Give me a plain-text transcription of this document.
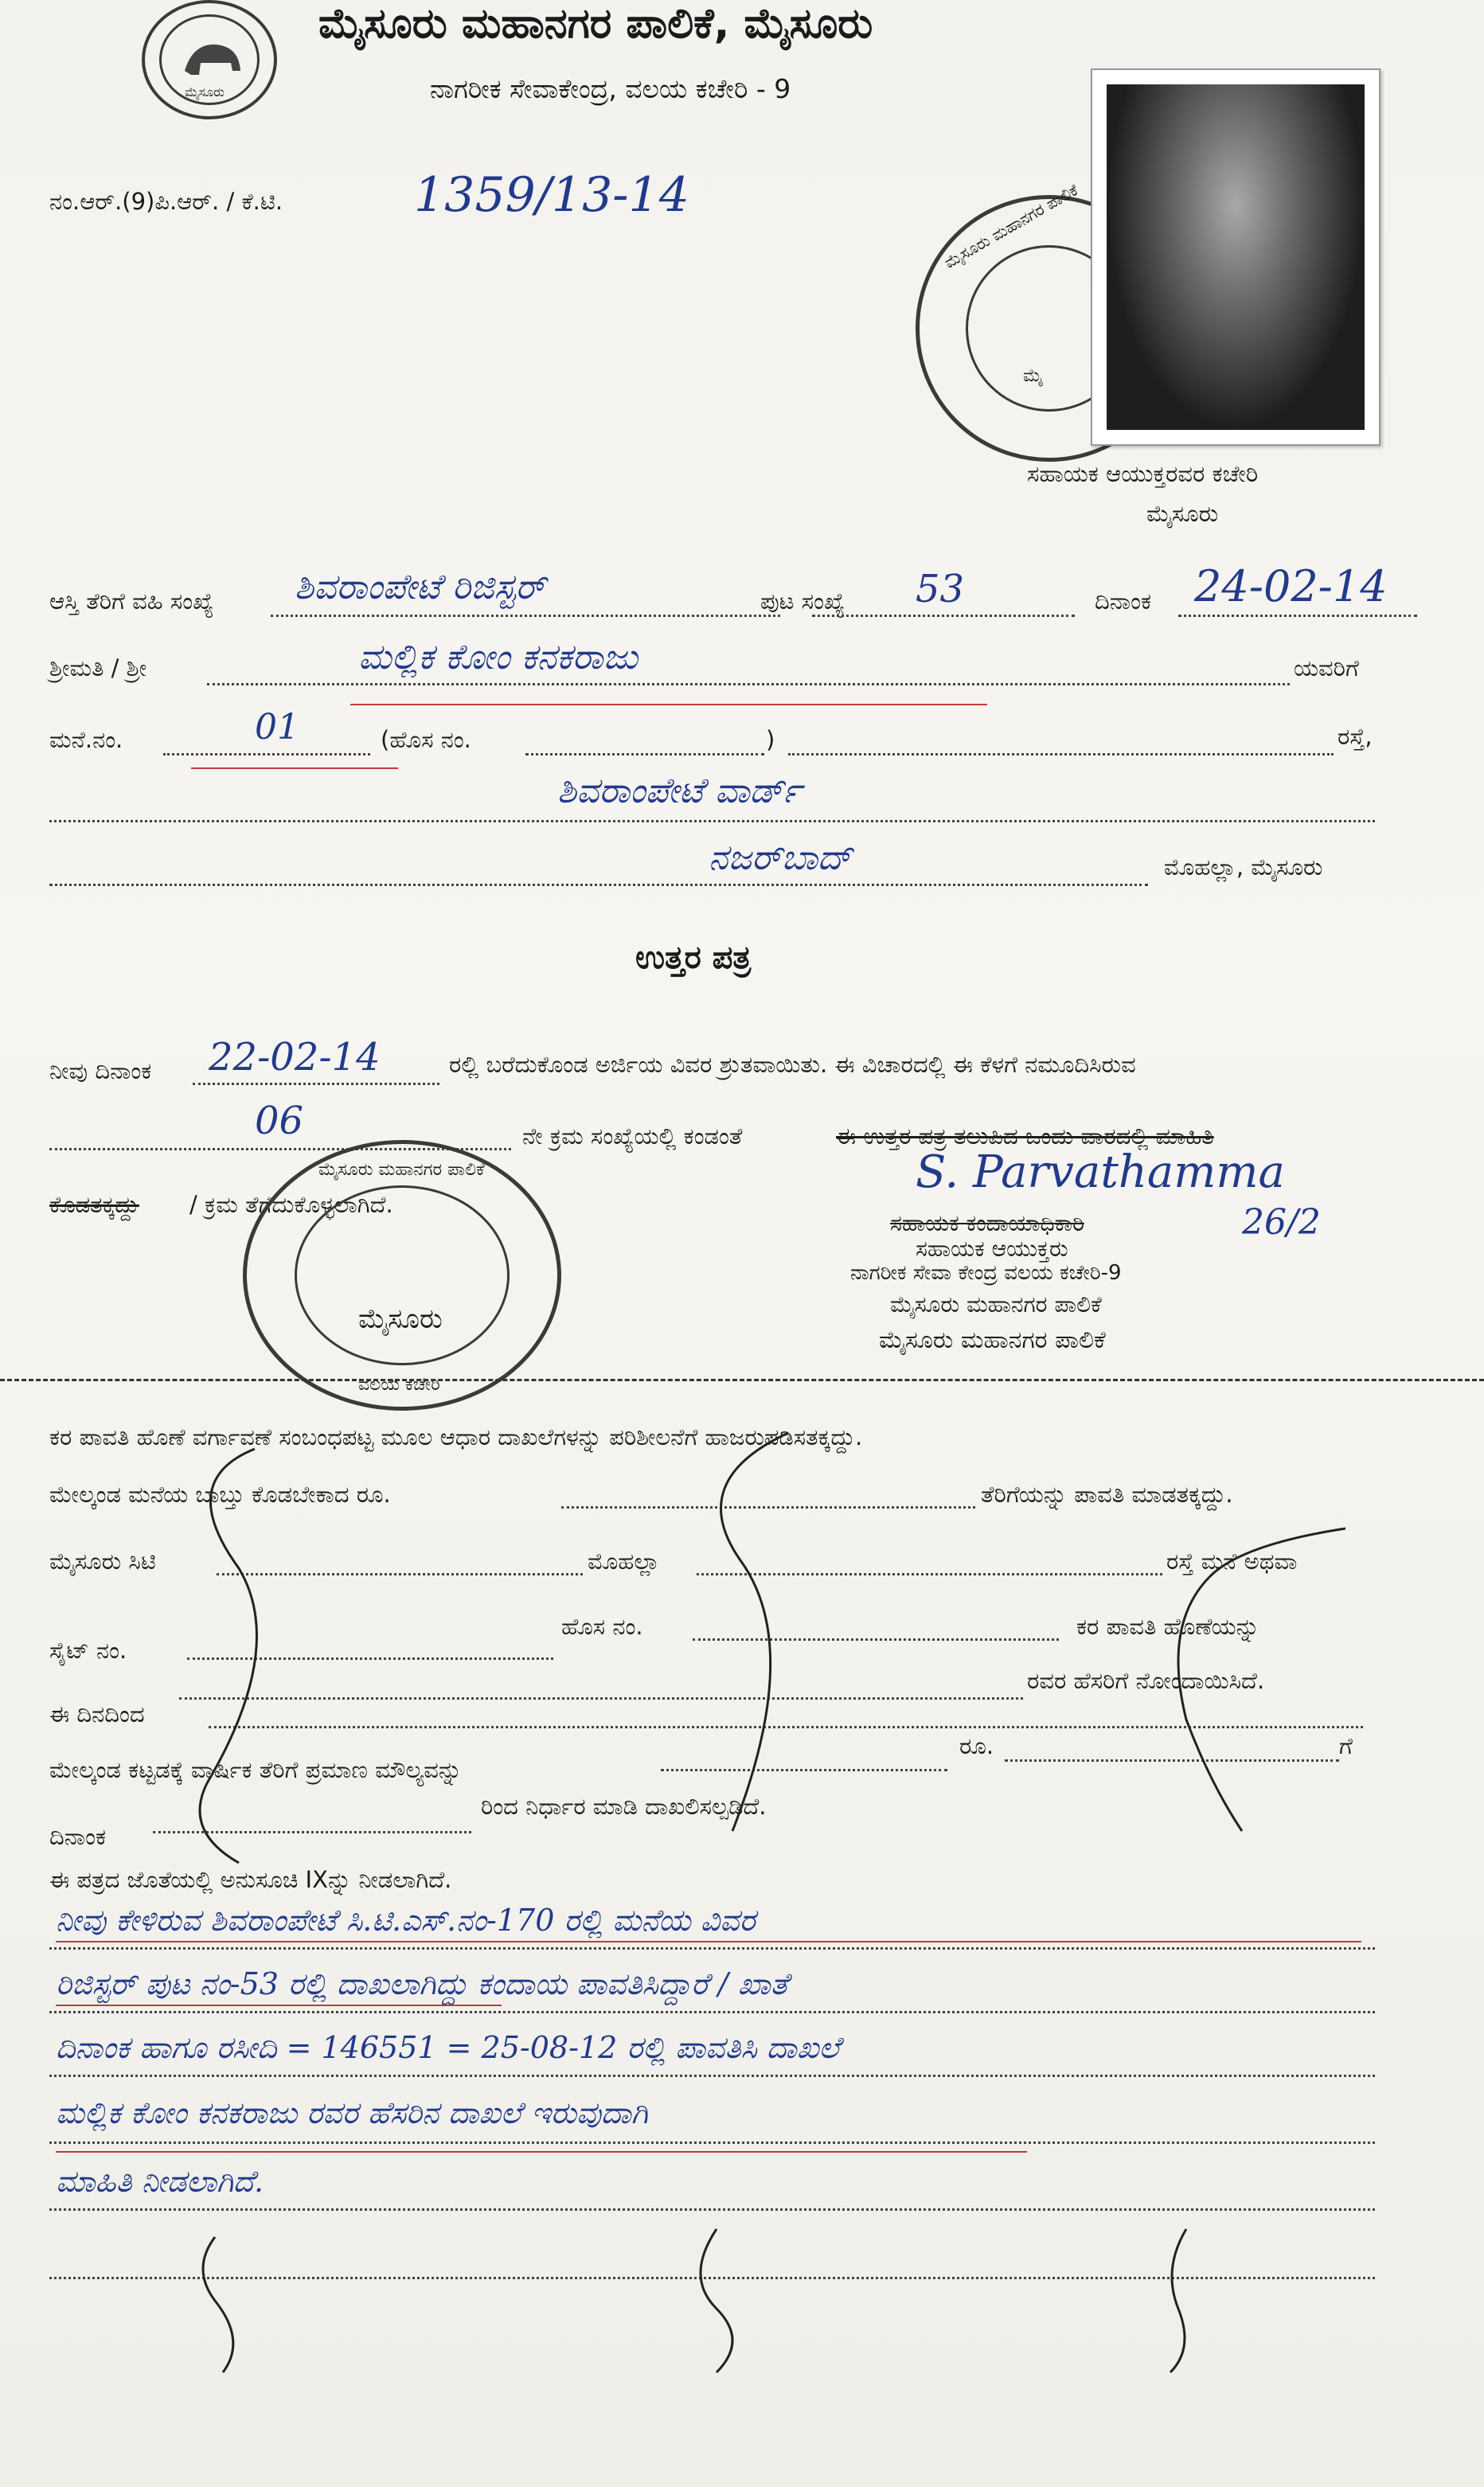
ಮೈಸೂರು
ಮೈಸೂರು ಮಹಾನಗರ ಪಾಲಿಕೆ, ಮೈಸೂರು
ನಾಗರೀಕ ಸೇವಾಕೇಂದ್ರ, ವಲಯ ಕಚೇರಿ - 9
ನಂ.ಆರ್.(9)ಪಿ.ಆರ್. / ಕೆ.ಟಿ.	1359/13-14	ಮೈಸೂರು ಮಹಾನಗರ ಪಾಲಿಕೆ
ಮೈ
ಸಹಾಯಕ ಆಯುಕ್ತರವರ ಕಚೇರಿ
ಮೈಸೂರು
ಆಸ್ತಿ ತೆರಿಗೆ ವಹಿ ಸಂಖ್ಯೆ ಶಿವರಾಂಪೇಟೆ ರಿಜಿಸ್ಟರ್	ಪುಟ ಸಂಖ್ಯೆ 53	ದಿನಾಂಕ 24-02-14
ಶ್ರೀಮತಿ / ಶ್ರೀ	ಮಲ್ಲಿಕ ಕೋಂ ಕನಕರಾಜು	ಯವರಿಗೆ
ಮನೆ.ನಂ.	01	(ಹೊಸ ನಂ.	)	ರಸ್ತೆ,
ಶಿವರಾಂಪೇಟೆ ವಾರ್ಡ್
ನಜರ್‌ಬಾದ್	ಮೊಹಲ್ಲಾ, ಮೈಸೂರು
ಉತ್ತರ ಪತ್ರ
ನೀವು ದಿನಾಂಕ 22-02-14	ರಲ್ಲಿ ಬರೆದುಕೊಂಡ ಅರ್ಜಿಯ ವಿವರ ಶ್ರುತವಾಯಿತು. ಈ ವಿಚಾರದಲ್ಲಿ ಈ ಕೆಳಗೆ ನಮೂದಿಸಿರುವ
06	ನೇ ಕ್ರಮ ಸಂಖ್ಯೆಯಲ್ಲಿ ಕಂಡಂತೆ	ಈ ಉತ್ತರ ಪತ್ರ ತಲುಪಿದ ಒಂದು ವಾರದಲ್ಲಿ ಮಾಹಿತಿ
ಕೊಡತಕ್ಕದ್ದು / ಕ್ರಮ ತೆಗೆದುಕೊಳ್ಳಲಾಗಿದೆ.
ಮೈಸೂರು ಮಹಾನಗರ ಪಾಲಿಕೆ
ಮೈಸೂರು
ವಲಯ ಕಚೇರಿ
S. Parvathamma
26/2
ಸಹಾಯಕ ಕಂದಾಯಾಧಿಕಾರಿ
ಸಹಾಯಕ ಆಯುಕ್ತರು
ನಾಗರೀಕ ಸೇವಾ ಕೇಂದ್ರ ವಲಯ ಕಚೇರಿ-9
ಮೈಸೂರು ಮಹಾನಗರ ಪಾಲಿಕೆ
ಮೈಸೂರು ಮಹಾನಗರ ಪಾಲಿಕೆ
ಕರ ಪಾವತಿ ಹೊಣೆ ವರ್ಗಾವಣೆ ಸಂಬಂಧಪಟ್ಟ ಮೂಲ ಆಧಾರ ದಾಖಲೆಗಳನ್ನು ಪರಿಶೀಲನೆಗೆ ಹಾಜರುಪಡಿಸತಕ್ಕದ್ದು.
ಮೇಲ್ಕಂಡ ಮನೆಯ ಬಾಬ್ತು ಕೊಡಬೇಕಾದ ರೂ.	ತೆರಿಗೆಯನ್ನು ಪಾವತಿ ಮಾಡತಕ್ಕದ್ದು.
ಮೈಸೂರು ಸಿಟಿ	ಮೊಹಲ್ಲಾ	ರಸ್ತೆ ಮನೆ ಅಥವಾ
ಸೈಟ್ ನಂ.
ಹೊಸ ನಂ.	ಕರ ಪಾವತಿ ಹೊಣೆಯನ್ನು
ರವರ ಹೆಸರಿಗೆ ನೋಂದಾಯಿಸಿದೆ.
ಈ ದಿನದಿಂದ
ಮೇಲ್ಕಂಡ ಕಟ್ಟಡಕ್ಕೆ ವಾರ್ಷಿಕ ತೆರಿಗೆ ಪ್ರಮಾಣ ಮೌಲ್ಯವನ್ನು
ರೂ.	ಗೆ
ದಿನಾಂಕ
ರಿಂದ ನಿರ್ಧಾರ ಮಾಡಿ ದಾಖಲಿಸಲ್ಪಡಿದೆ.
ಈ ಪತ್ರದ ಜೊತೆಯಲ್ಲಿ ಅನುಸೂಚಿ IXನ್ನು ನೀಡಲಾಗಿದೆ.
ನೀವು ಕೇಳಿರುವ ಶಿವರಾಂಪೇಟೆ ಸಿ.ಟಿ.ಎಸ್.ನಂ-170 ರಲ್ಲಿ ಮನೆಯ ವಿವರ
ರಿಜಿಸ್ಟರ್ ಪುಟ ನಂ-53 ರಲ್ಲಿ ದಾಖಲಾಗಿದ್ದು ಕಂದಾಯ ಪಾವತಿಸಿದ್ದಾರೆ / ಖಾತೆ
ದಿನಾಂಕ ಹಾಗೂ ರಸೀದಿ = 146551 = 25-08-12 ರಲ್ಲಿ ಪಾವತಿಸಿ ದಾಖಲೆ
ಮಲ್ಲಿಕ ಕೋಂ ಕನಕರಾಜು ರವರ ಹೆಸರಿನ ದಾಖಲೆ ಇರುವುದಾಗಿ
ಮಾಹಿತಿ ನೀಡಲಾಗಿದೆ.
